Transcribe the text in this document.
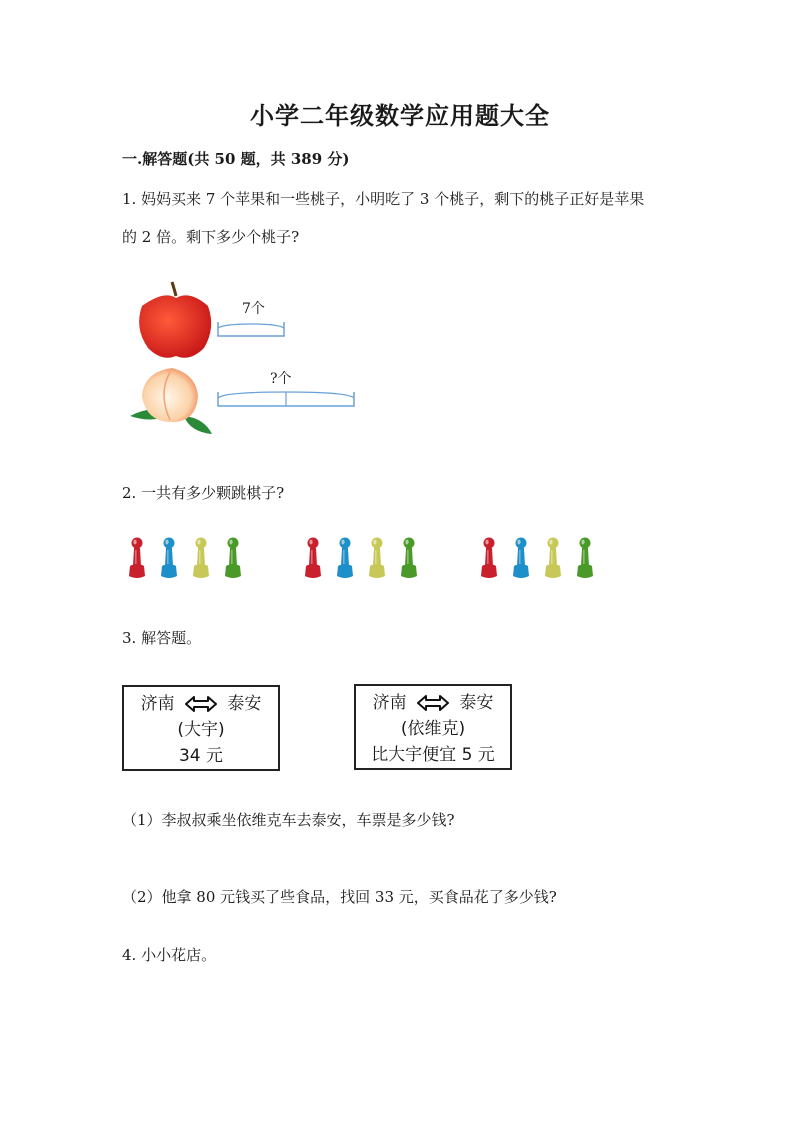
小学二年级数学应用题大全
一.解答题(共 50 题，共 389 分)
1. 妈妈买来 7 个苹果和一些桃子，小明吃了 3 个桃子，剩下的桃子正好是苹果
的 2 倍。剩下多少个桃子?
7个
?个
2. 一共有多少颗跳棋子?
3. 解答题。
济南	泰安
(大宇)
34 元
济南	泰安
(依维克)
比大宇便宜 5 元
（1）李叔叔乘坐依维克车去泰安，车票是多少钱?
（2）他拿 80 元钱买了些食品，找回 33 元，买食品花了多少钱?
4. 小小花店。
